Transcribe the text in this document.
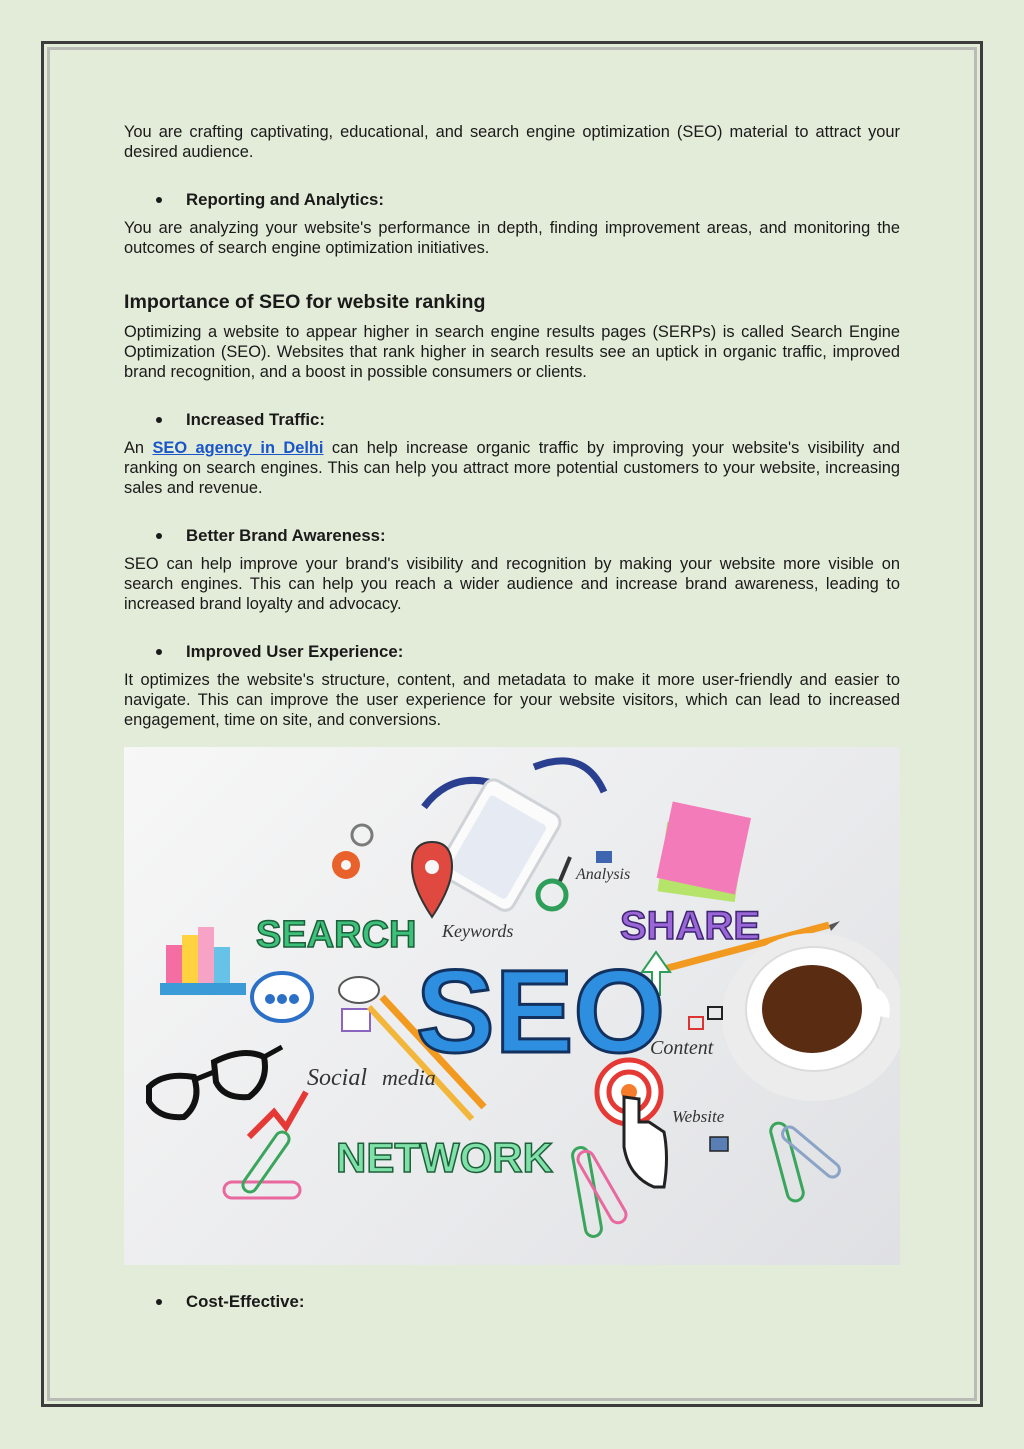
You are crafting captivating, educational, and search engine optimization (SEO) material to attract your desired audience.

Reporting and Analytics:

You are analyzing your website's performance in depth, finding improvement areas, and monitoring the outcomes of search engine optimization initiatives.

Importance of SEO for website ranking

Optimizing a website to appear higher in search engine results pages (SERPs) is called Search Engine Optimization (SEO). Websites that rank higher in search results see an uptick in organic traffic, improved brand recognition, and a boost in possible consumers or clients.

Increased Traffic:

An SEO agency in Delhi can help increase organic traffic by improving your website's visibility and ranking on search engines. This can help you attract more potential customers to your website, increasing sales and revenue.

Better Brand Awareness:

SEO can help improve your brand's visibility and recognition by making your website more visible on search engines. This can help you reach a wider audience and increase brand awareness, leading to increased brand loyalty and advocacy.

Improved User Experience:

It optimizes the website's structure, content, and metadata to make it more user-friendly and easier to navigate. This can improve the user experience for your website visitors, which can lead to increased engagement, time on site, and conversions.

SEARCH Keywords
Analysis
SHARE
SEO
Content
Social media
Website
NETWORK

Cost-Effective:
